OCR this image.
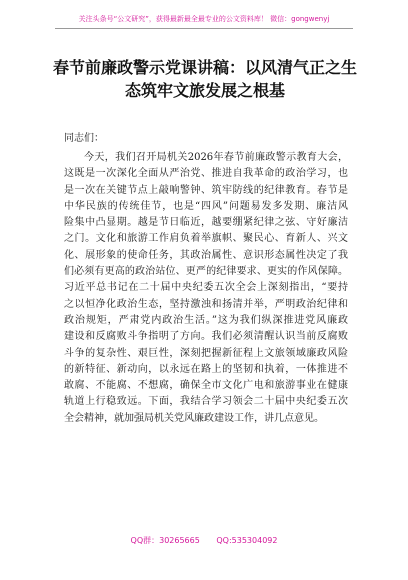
关注头条号“公文研究”，获得最新最全最专业的公文资料库！ 微信：gongwenyj
春节前廉政警示党课讲稿：以风清气正之生态筑牢文旅发展之根基

同志们：

今天，我们召开局机关2026年春节前廉政警示教育大会，
这既是一次深化全面从严治党、推进自我革命的政治学习，也
是一次在关键节点上敲响警钟、筑牢防线的纪律教育。春节是
中华民族的传统佳节，也是“四风”问题易发多发期、廉洁风
险集中凸显期。越是节日临近，越要绷紧纪律之弦、守好廉洁
之门。文化和旅游工作肩负着举旗帜、聚民心、育新人、兴文
化、展形象的使命任务，其政治属性、意识形态属性决定了我
们必须有更高的政治站位、更严的纪律要求、更实的作风保障。
习近平总书记在二十届中央纪委五次全会上深刻指出，“要持
之以恒净化政治生态，坚持激浊和扬清并举，严明政治纪律和
政治规矩，严肃党内政治生活。”这为我们纵深推进党风廉政
建设和反腐败斗争指明了方向。我们必须清醒认识当前反腐败
斗争的复杂性、艰巨性，深刻把握新征程上文旅领域廉政风险
的新特征、新动向，以永远在路上的坚韧和执着，一体推进不
敢腐、不能腐、不想腐，确保全市文化广电和旅游事业在健康
轨道上行稳致远。下面，我结合学习领会二十届中央纪委五次
全会精神，就加强局机关党风廉政建设工作，讲几点意见。
QQ群：30265665 QQ:535304092
